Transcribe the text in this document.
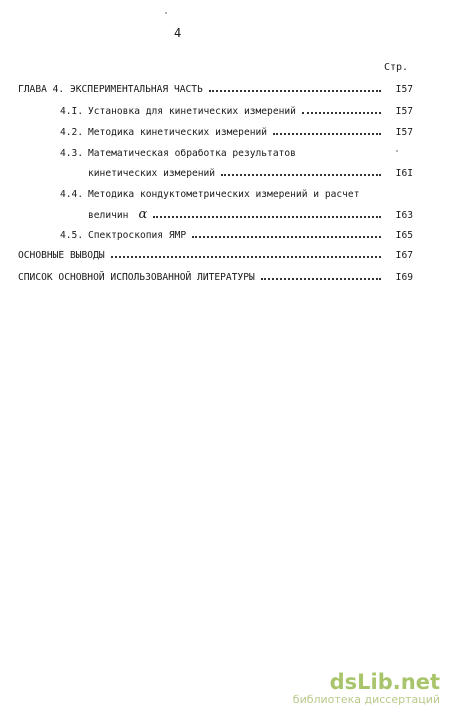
4
Стр.
ГЛАВА 4. ЭКСПЕРИМЕНТАЛЬНАЯ ЧАСТЬ	I57
4.I. Установка для кинетических измерений	I57
4.2. Методика кинетических измерений	I57
4.3. Математическая обработка результатов
кинетических измерений	I6I
4.4. Методика кондуктометрических измерений и расчет
величин α	I63
4.5. Спектроскопия ЯМР	I65
ОСНОВНЫЕ ВЫВОДЫ	I67
СПИСОК ОСНОВНОЙ ИСПОЛЬЗОВАННОЙ ЛИТЕРАТУРЫ	I69
dsLib.net
библиотека диссертаций
